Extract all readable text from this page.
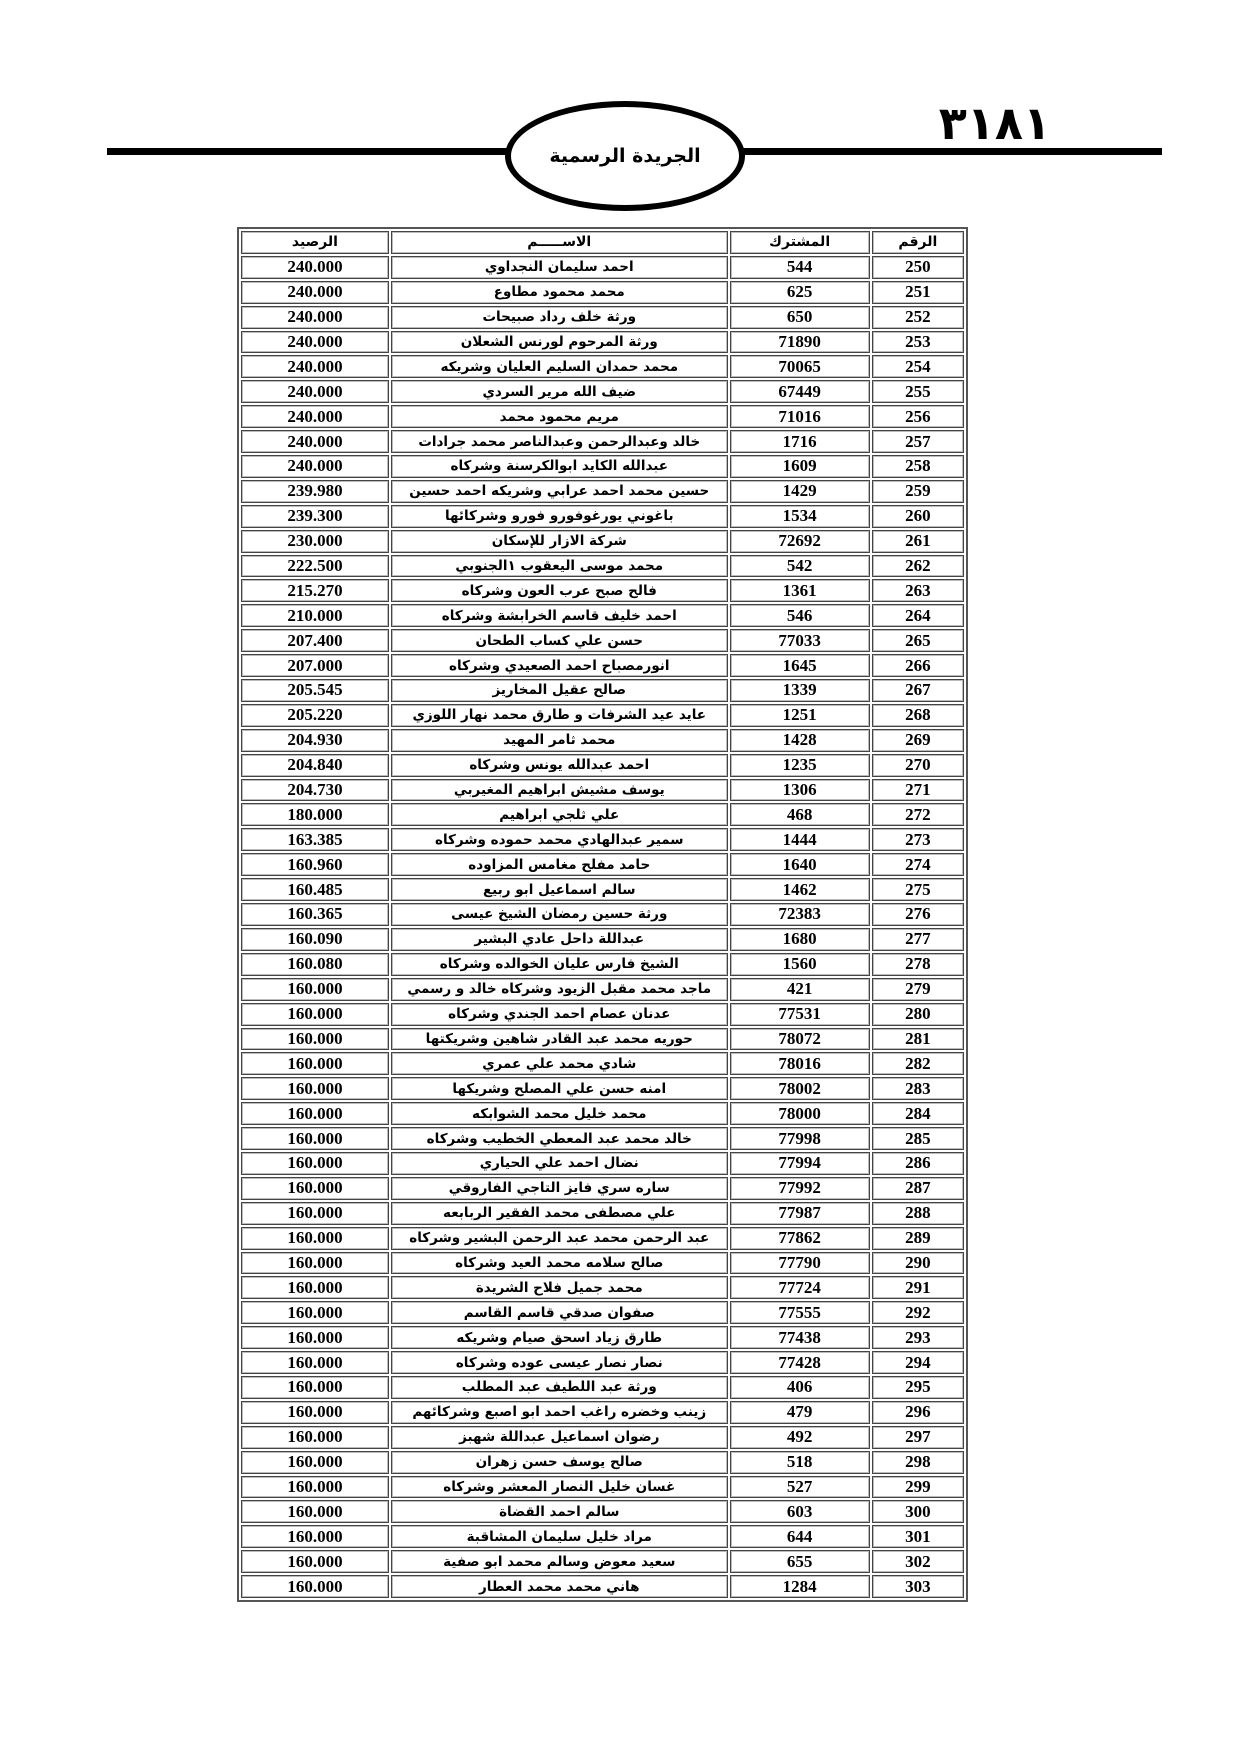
الجريدة الرسمية
٣١٨١
الرقم	المشترك	الاســـــم	الرصيد
250	544	احمد سليمان النجداوي	240.000
251	625	محمد محمود مطاوع	240.000
252	650	ورثة خلف رداد صبيحات	240.000
253	71890	ورثة المرحوم لورنس الشعلان	240.000
254	70065	محمد حمدان السليم العليان وشريكه	240.000
255	67449	ضيف الله مرير السردي	240.000
256	71016	مريم محمود محمد	240.000
257	1716	خالد وعبدالرحمن وعبدالناصر محمد جرادات	240.000
258	1609	عبدالله الكايد ابوالكرسنة وشركاه	240.000
259	1429	حسين محمد احمد عرابي وشريكه احمد حسين	239.980
260	1534	باغوني يورغوفورو فورو وشركائها	239.300
261	72692	شركة الازار للإسكان	230.000
262	542	محمد موسى اليعقوب ١الجنوبي	222.500
263	1361	فالح صبح عرب العون وشركاه	215.270
264	546	احمد خليف قاسم الخرابشة وشركاه	210.000
265	77033	حسن علي كساب الطحان	207.400
266	1645	انورمصباح احمد الصعيدي وشركاه	207.000
267	1339	صالح عقيل المخاريز	205.545
268	1251	عايد عيد الشرفات و طارق محمد نهار اللوزي	205.220
269	1428	محمد ثامر المهيد	204.930
270	1235	احمد عبدالله يونس وشركاه	204.840
271	1306	يوسف مشيش ابراهيم المغيربي	204.730
272	468	علي ثلجي ابراهيم	180.000
273	1444	سمير عبدالهادي محمد حموده وشركاه	163.385
274	1640	حامد مفلح مغامس المزاوده	160.960
275	1462	سالم اسماعيل ابو ربيع	160.485
276	72383	ورثة حسين رمضان الشيخ عيسى	160.365
277	1680	عبداللة داحل عادي البشير	160.090
278	1560	الشيخ فارس عليان الخوالده وشركاه	160.080
279	421	ماجد محمد مقبل الزيود وشركاه خالد و رسمي	160.000
280	77531	عدنان عصام احمد الجندي وشركاه	160.000
281	78072	حوريه محمد عبد القادر شاهين وشريكتها	160.000
282	78016	شادي محمد علي عمري	160.000
283	78002	امنه حسن علي المصلح وشريكها	160.000
284	78000	محمد خليل محمد الشوابكه	160.000
285	77998	خالد محمد عبد المعطي الخطيب وشركاه	160.000
286	77994	نضال احمد علي الحياري	160.000
287	77992	ساره سري فايز التاجي الفاروقي	160.000
288	77987	علي مصطفى محمد الفقير الربابعه	160.000
289	77862	عبد الرحمن محمد عبد الرحمن البشير وشركاه	160.000
290	77790	صالح سلامه محمد العيد وشركاه	160.000
291	77724	محمد جميل فلاح الشريدة	160.000
292	77555	صفوان صدقي قاسم القاسم	160.000
293	77438	طارق زياد اسحق صيام وشريكه	160.000
294	77428	نصار نصار عيسى عوده وشركاه	160.000
295	406	ورثة عبد اللطيف عبد المطلب	160.000
296	479	زينب وخضره راغب احمد ابو اصبع وشركائهم	160.000
297	492	رضوان اسماعيل عبداللة شهبز	160.000
298	518	صالح يوسف حسن زهران	160.000
299	527	غسان خليل النصار المعشر وشركاه	160.000
300	603	سالم احمد القضاة	160.000
301	644	مراد خليل سليمان المشاقبة	160.000
302	655	سعيد معوض وسالم محمد ابو صفية	160.000
303	1284	هاني محمد محمد العطار	160.000
